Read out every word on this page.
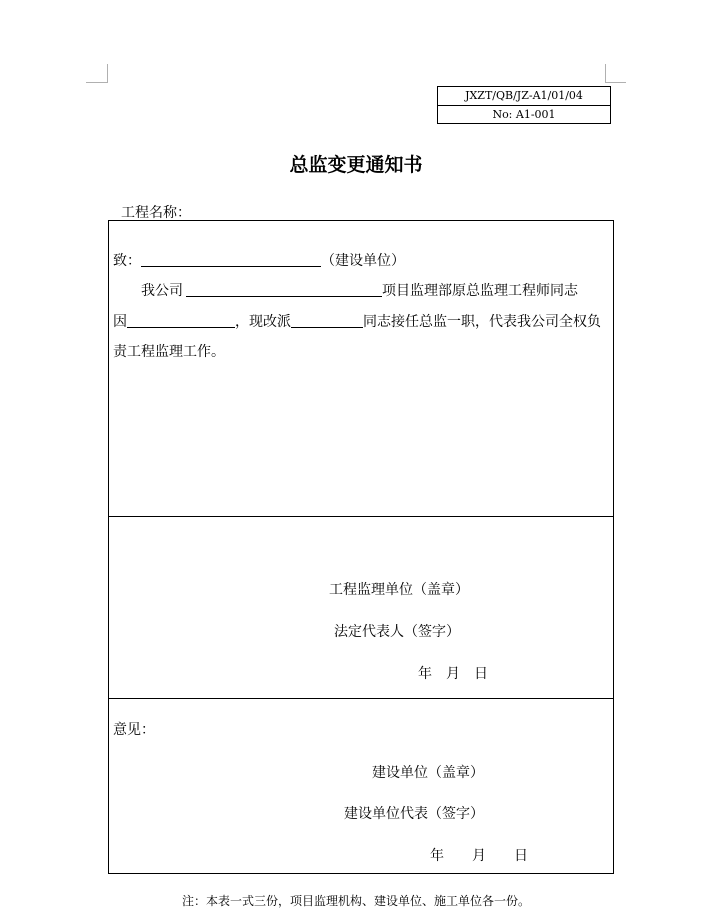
JXZT/QB/JZ-A1/01/04
No: A1-001
总监变更通知书
工程名称：
致：	（建设单位）
我公司	项目监理部原总监理工程师同志
因	，现改派	同志接任总监一职，代表我公司全权负
责工程监理工作。
工程监理单位（盖章）
法定代表人（签字）
年　月　日
意见：
建设单位（盖章）
建设单位代表（签字）
年　　月　　日
注：本表一式三份，项目监理机构、建设单位、施工单位各一份。
